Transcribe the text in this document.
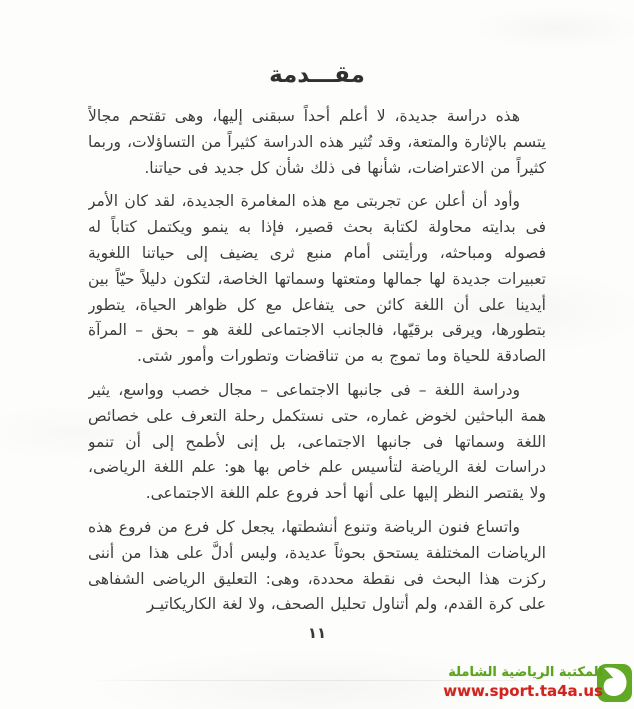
مقـــدمة

هذه دراسة جديدة، لا أعلم أحداً سبقنى إليها، وهى تقتحم مجالاً يتسم بالإثارة والمتعة، وقد تُثير هذه الدراسة كثيراً من التساؤلات، وربما كثيراً من الاعتراضات، شأنها فى ذلك شأن كل جديد فى حياتنا.

وأود أن أعلن عن تجربتى مع هذه المغامرة الجديدة، لقد كان الأمر فى بدايته محاولة لكتابة بحث قصير، فإذا به ينمو ويكتمل كتاباً له فصوله ومباحثه، ورأيتنى أمام منبع ثرى يضيف إلى حياتنا اللغوية تعبيرات جديدة لها جمالها ومتعتها وسماتها الخاصة، لتكون دليلاً حيّاً بين أيدينا على أن اللغة كائن حى يتفاعل مع كل ظواهر الحياة، يتطور بتطورها، ويرقى برقيّها، فالجانب الاجتماعى للغة هو – بحق – المرآة الصادقة للحياة وما تموج به من تناقضات وتطورات وأمور شتى.

ودراسة اللغة – فى جانبها الاجتماعى – مجال خصب وواسع، يثير همة الباحثين لخوض غماره، حتى نستكمل رحلة التعرف على خصائص اللغة وسماتها فى جانبها الاجتماعى، بل إنى لأطمح إلى أن تنمو دراسات لغة الرياضة لتأسيس علم خاص بها هو: علم اللغة الرياضى، ولا يقتصر النظر إليها على أنها أحد فروع علم اللغة الاجتماعى.

واتساع فنون الرياضة وتنوع أنشطتها، يجعل كل فرع من فروع هذه الرياضات المختلفة يستحق بحوثاً عديدة، وليس أدلَّ على هذا من أننى ركزت هذا البحث فى نقطة محددة، وهى: التعليق الرياضى الشفاهى على كرة القدم، ولم أتناول تحليل الصحف، ولا لغة الكاريكاتيـر

١١
المكتبة الرياضية الشاملة
www.sport.ta4a.us
